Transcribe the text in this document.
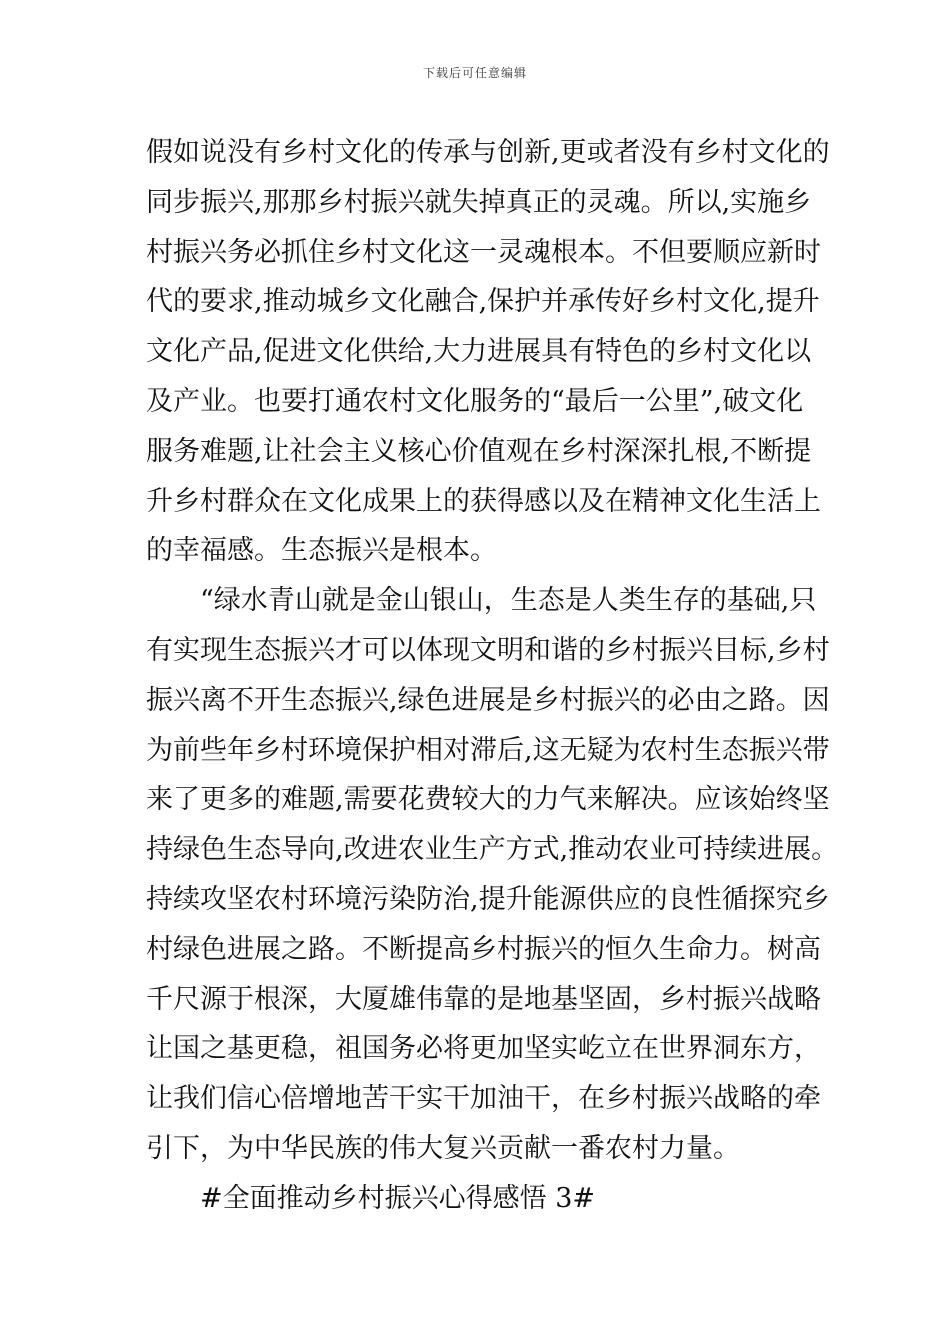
下载后可任意编辑
假如说没有乡村文化的传承与创新,更或者没有乡村文化的
同步振兴,那那乡村振兴就失掉真正的灵魂。所以,实施乡
村振兴务必抓住乡村文化这一灵魂根本。不但要顺应新时
代的要求,推动城乡文化融合,保护并承传好乡村文化,提升
文化产品,促进文化供给,大力进展具有特色的乡村文化以
及产业。也要打通农村文化服务的“最后一公里”,破文化
服务难题,让社会主义核心价值观在乡村深深扎根,不断提
升乡村群众在文化成果上的获得感以及在精神文化生活上
的幸福感。生态振兴是根本。
“绿水青山就是金山银山，生态是人类生存的基础,只
有实现生态振兴才可以体现文明和谐的乡村振兴目标,乡村
振兴离不开生态振兴,绿色进展是乡村振兴的必由之路。因
为前些年乡村环境保护相对滞后,这无疑为农村生态振兴带
来了更多的难题,需要花费较大的力气来解决。应该始终坚
持绿色生态导向,改进农业生产方式,推动农业可持续进展。
持续攻坚农村环境污染防治,提升能源供应的良性循探究乡
村绿色进展之路。不断提高乡村振兴的恒久生命力。树高
千尺源于根深，大厦雄伟靠的是地基坚固，乡村振兴战略
让国之基更稳，祖国务必将更加坚实屹立在世界洞东方，
让我们信心倍增地苦干实干加油干，在乡村振兴战略的牵
引下，为中华民族的伟大复兴贡献一番农村力量。
#全面推动乡村振兴心得感悟 3#
